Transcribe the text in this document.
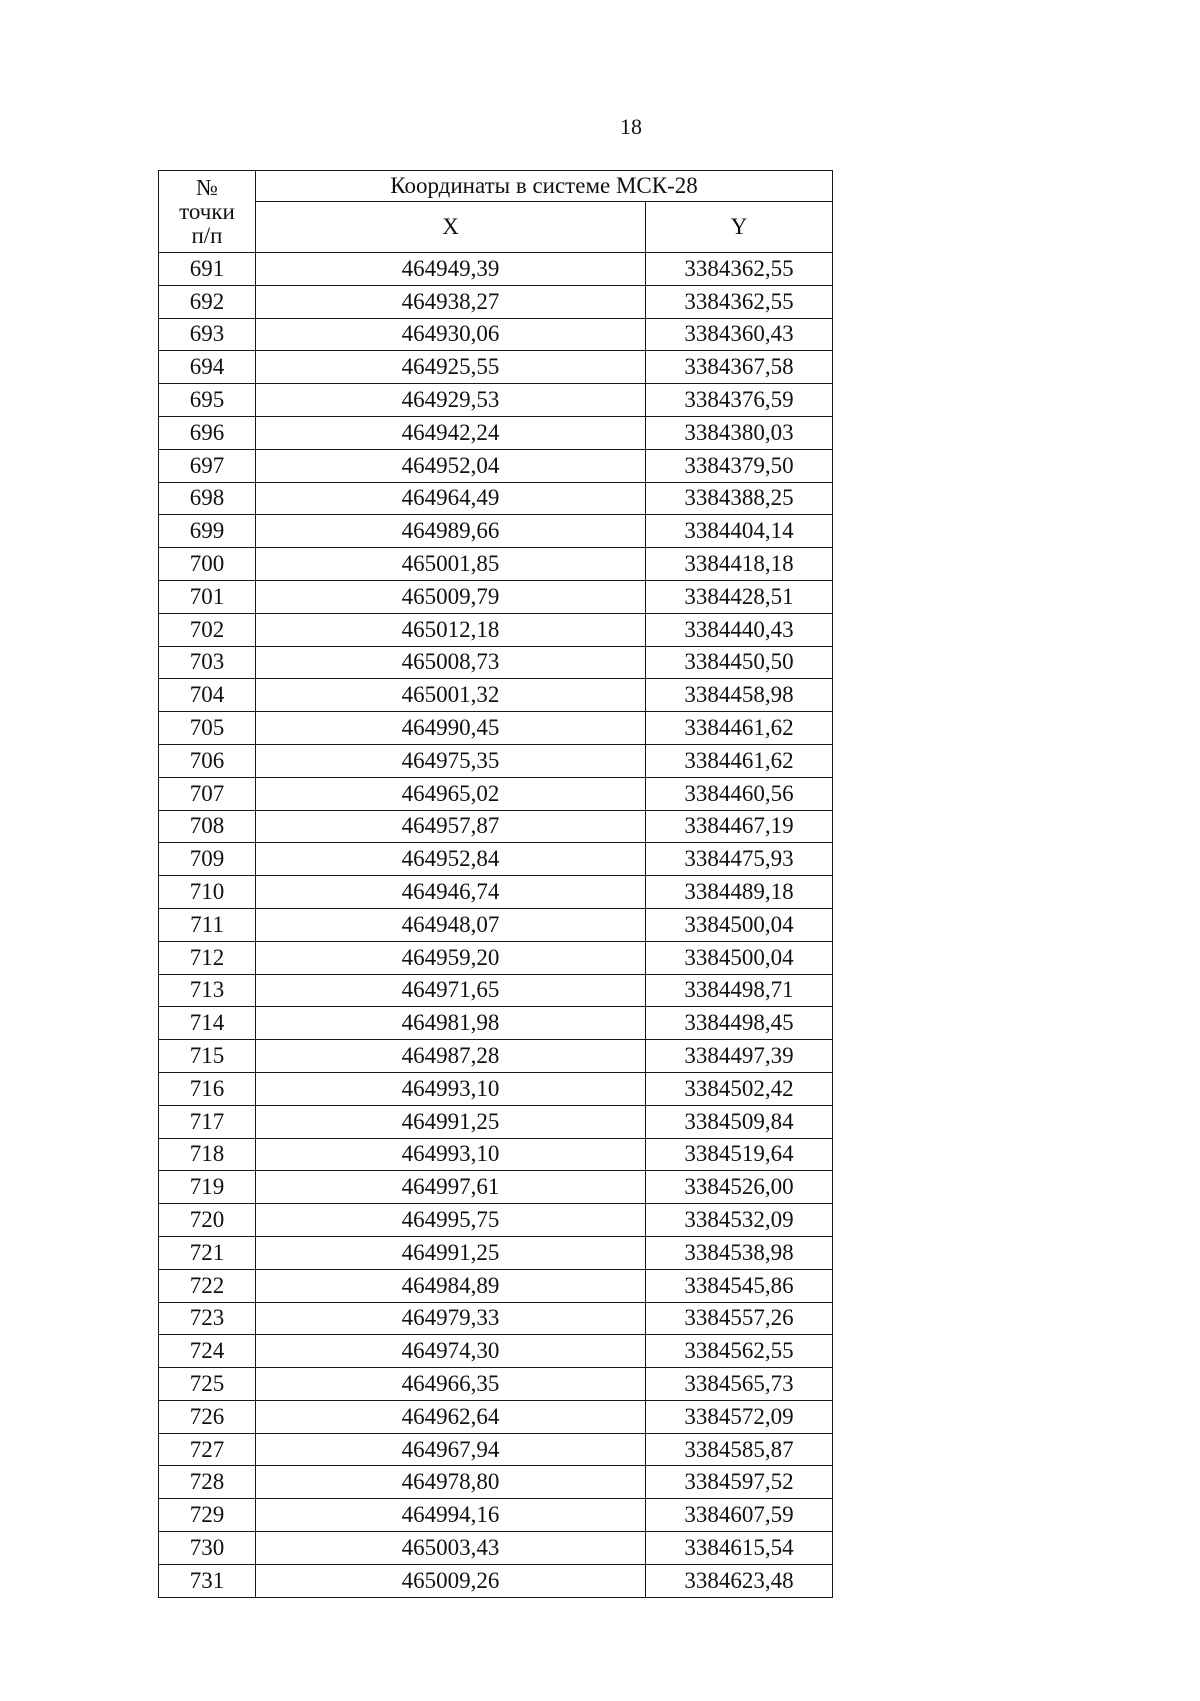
18
№
точки
п/п	Координаты в системе МСК-28	
	X	Y
691	464949,39	3384362,55
692	464938,27	3384362,55
693	464930,06	3384360,43
694	464925,55	3384367,58
695	464929,53	3384376,59
696	464942,24	3384380,03
697	464952,04	3384379,50
698	464964,49	3384388,25
699	464989,66	3384404,14
700	465001,85	3384418,18
701	465009,79	3384428,51
702	465012,18	3384440,43
703	465008,73	3384450,50
704	465001,32	3384458,98
705	464990,45	3384461,62
706	464975,35	3384461,62
707	464965,02	3384460,56
708	464957,87	3384467,19
709	464952,84	3384475,93
710	464946,74	3384489,18
711	464948,07	3384500,04
712	464959,20	3384500,04
713	464971,65	3384498,71
714	464981,98	3384498,45
715	464987,28	3384497,39
716	464993,10	3384502,42
717	464991,25	3384509,84
718	464993,10	3384519,64
719	464997,61	3384526,00
720	464995,75	3384532,09
721	464991,25	3384538,98
722	464984,89	3384545,86
723	464979,33	3384557,26
724	464974,30	3384562,55
725	464966,35	3384565,73
726	464962,64	3384572,09
727	464967,94	3384585,87
728	464978,80	3384597,52
729	464994,16	3384607,59
730	465003,43	3384615,54
731	465009,26	3384623,48
